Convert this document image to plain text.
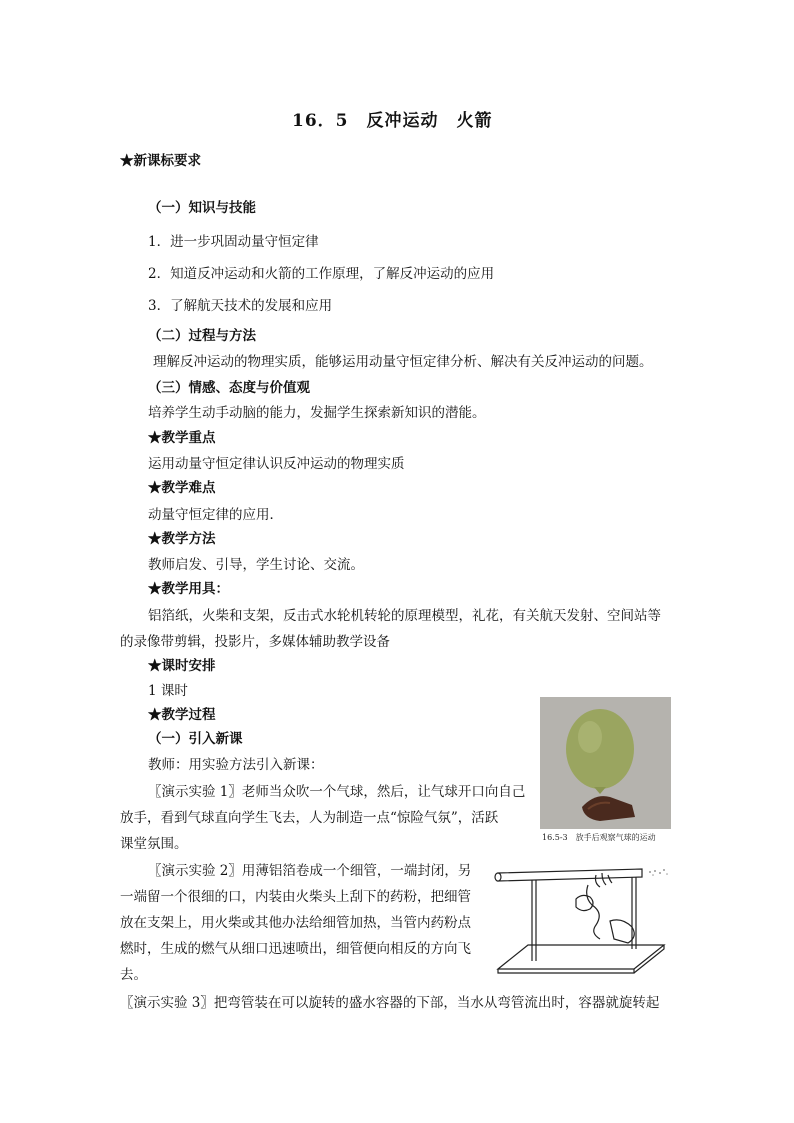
16．5　反冲运动　火箭
★新课标要求
（一）知识与技能
1．进一步巩固动量守恒定律
2．知道反冲运动和火箭的工作原理，了解反冲运动的应用
3．了解航天技术的发展和应用
（二）过程与方法
理解反冲运动的物理实质，能够运用动量守恒定律分析、解决有关反冲运动的问题。
（三）情感、态度与价值观
培养学生动手动脑的能力，发掘学生探索新知识的潜能。
★教学重点
运用动量守恒定律认识反冲运动的物理实质
★教学难点
动量守恒定律的应用．
★教学方法
教师启发、引导，学生讨论、交流。
★教学用具：
铝箔纸，火柴和支架，反击式水轮机转轮的原理模型，礼花，有关航天发射、空间站等
的录像带剪辑，投影片，多媒体辅助教学设备
★课时安排
1 课时
★教学过程
（一）引入新课
教师：用实验方法引入新课：
〖演示实验 1〗老师当众吹一个气球，然后，让气球开口向自己
放手，看到气球直向学生飞去，人为制造一点“惊险气氛”，活跃
课堂氛围。
〖演示实验 2〗用薄铝箔卷成一个细管，一端封闭，另
一端留一个很细的口，内装由火柴头上刮下的药粉，把细管
放在支架上，用火柴或其他办法给细管加热，当管内药粉点
燃时，生成的燃气从细口迅速喷出，细管便向相反的方向飞
去。
〖演示实验 3〗把弯管装在可以旋转的盛水容器的下部，当水从弯管流出时，容器就旋转起
16.5-3　放手后观察气球的运动
